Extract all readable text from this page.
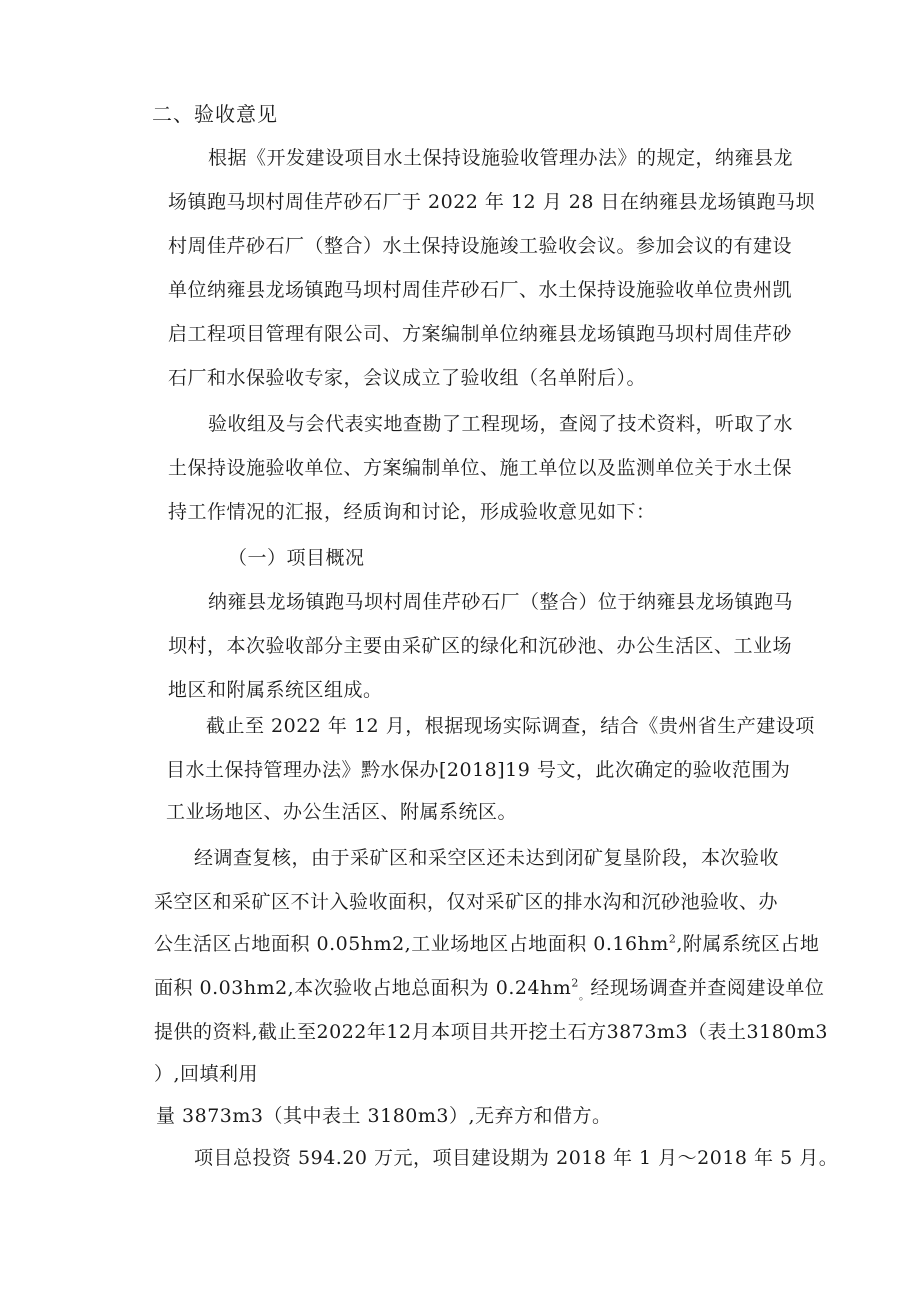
二、验收意见
根据《开发建设项目水土保持设施验收管理办法》的规定，纳雍县龙
场镇跑马坝村周佳芹砂石厂于 2022 年 12 月 28 日在纳雍县龙场镇跑马坝
村周佳芹砂石厂（整合）水土保持设施竣工验收会议。参加会议的有建设
单位纳雍县龙场镇跑马坝村周佳芹砂石厂、水土保持设施验收单位贵州凯
启工程项目管理有限公司、方案编制单位纳雍县龙场镇跑马坝村周佳芹砂
石厂和水保验收专家，会议成立了验收组（名单附后）。
验收组及与会代表实地查勘了工程现场，查阅了技术资料，听取了水
土保持设施验收单位、方案编制单位、施工单位以及监测单位关于水土保
持工作情况的汇报，经质询和讨论，形成验收意见如下：
（一）项目概况
纳雍县龙场镇跑马坝村周佳芹砂石厂（整合）位于纳雍县龙场镇跑马
坝村，本次验收部分主要由采矿区的绿化和沉砂池、办公生活区、工业场
地区和附属系统区组成。
截止至 2022 年 12 月，根据现场实际调查，结合《贵州省生产建设项
目水土保持管理办法》黔水保办[2018]19 号文，此次确定的验收范围为
工业场地区、办公生活区、附属系统区。
经调查复核，由于采矿区和采空区还未达到闭矿复垦阶段，本次验收
采空区和采矿区不计入验收面积，仅对采矿区的排水沟和沉砂池验收、办
公生活区占地面积 0.05hm2,工业场地区占地面积 $0.16hm^2$,附属系统区占地
面积 0.03hm2,本次验收占地总面积为 $0.24hm^2_。$经现场调查并查阅建设单位
提供的资料,截止至2022年12月本项目共开挖土石方3873m3（表土3180m3
）,回填利用
量 3873m3（其中表土 3180m3）,无弃方和借方。
项目总投资 594.20 万元，项目建设期为 2018 年 1 月～2018 年 5 月。
